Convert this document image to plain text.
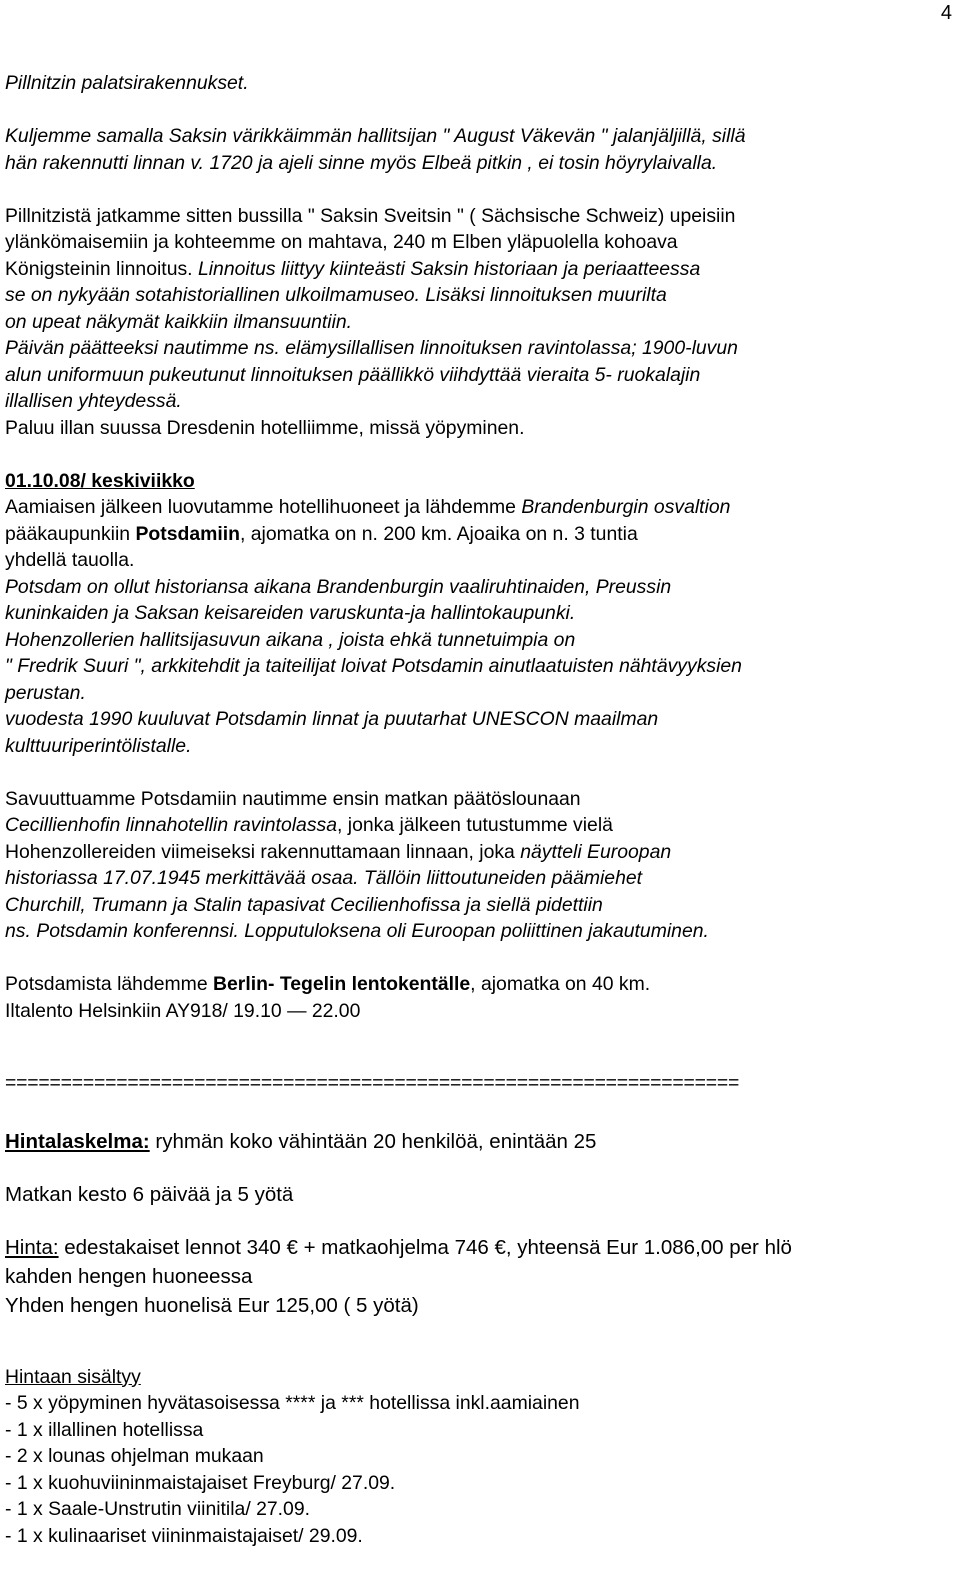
4
Pillnitzin palatsirakennukset.
Kuljemme samalla Saksin värikkäimmän hallitsijan " August Väkevän " jalanjäljillä, sillä
hän rakennutti linnan v. 1720 ja ajeli sinne myös Elbeä pitkin , ei tosin höyrylaivalla.
Pillnitzistä jatkamme sitten bussilla " Saksin Sveitsin " ( Sächsische Schweiz) upeisiin
ylänkömaisemiin ja kohteemme on mahtava, 240 m Elben yläpuolella kohoava
Königsteinin linnoitus. Linnoitus liittyy kiinteästi Saksin historiaan ja periaatteessa
se on nykyään sotahistoriallinen ulkoilmamuseo. Lisäksi linnoituksen muurilta
on upeat näkymät kaikkiin ilmansuuntiin.
Päivän päätteeksi nautimme ns. elämysillallisen linnoituksen ravintolassa; 1900-luvun
alun uniformuun pukeutunut linnoituksen päällikkö viihdyttää vieraita 5- ruokalajin
illallisen yhteydessä.
Paluu illan suussa Dresdenin hotelliimme, missä yöpyminen.
01.10.08/ keskiviikko
Aamiaisen jälkeen luovutamme hotellihuoneet ja lähdemme Brandenburgin osvaltion
pääkaupunkiin Potsdamiin, ajomatka on n. 200 km. Ajoaika on n. 3 tuntia
yhdellä tauolla.
Potsdam on ollut historiansa aikana Brandenburgin vaaliruhtinaiden, Preussin
kuninkaiden ja Saksan keisareiden varuskunta-ja hallintokaupunki.
Hohenzollerien hallitsijasuvun aikana , joista ehkä tunnetuimpia on
" Fredrik Suuri ", arkkitehdit ja taiteilijat loivat Potsdamin ainutlaatuisten nähtävyyksien
perustan.
vuodesta 1990 kuuluvat Potsdamin linnat ja puutarhat UNESCON maailman
kulttuuriperintölistalle.
Savuuttuamme Potsdamiin nautimme ensin matkan päätöslounaan
Cecillienhofin linnahotellin ravintolassa, jonka jälkeen tutustumme vielä
Hohenzollereiden viimeiseksi rakennuttamaan linnaan, joka näytteli Euroopan
historiassa 17.07.1945 merkittävää osaa. Tällöin liittoutuneiden päämiehet
Churchill, Trumann ja Stalin tapasivat Cecilienhofissa ja siellä pidettiin
ns. Potsdamin konferennsi. Lopputuloksena oli Euroopan poliittinen jakautuminen.
Potsdamista lähdemme Berlin- Tegelin lentokentälle, ajomatka on 40 km.
Iltalento Helsinkiin AY918/ 19.10 — 22.00
==================================================================
Hintalaskelma: ryhmän koko vähintään 20 henkilöä, enintään 25
Matkan kesto 6 päivää ja 5 yötä
Hinta: edestakaiset lennot 340 € + matkaohjelma 746 €, yhteensä Eur 1.086,00 per hlö
kahden hengen huoneessa
Yhden hengen huonelisä Eur 125,00 ( 5 yötä)
Hintaan sisältyy
- 5 x yöpyminen hyvätasoisessa **** ja *** hotellissa inkl.aamiainen
- 1 x illallinen hotellissa
- 2 x lounas ohjelman mukaan
- 1 x kuohuviininmaistajaiset Freyburg/ 27.09.
- 1 x Saale-Unstrutin viinitila/ 27.09.
- 1 x kulinaariset viininmaistajaiset/ 29.09.
